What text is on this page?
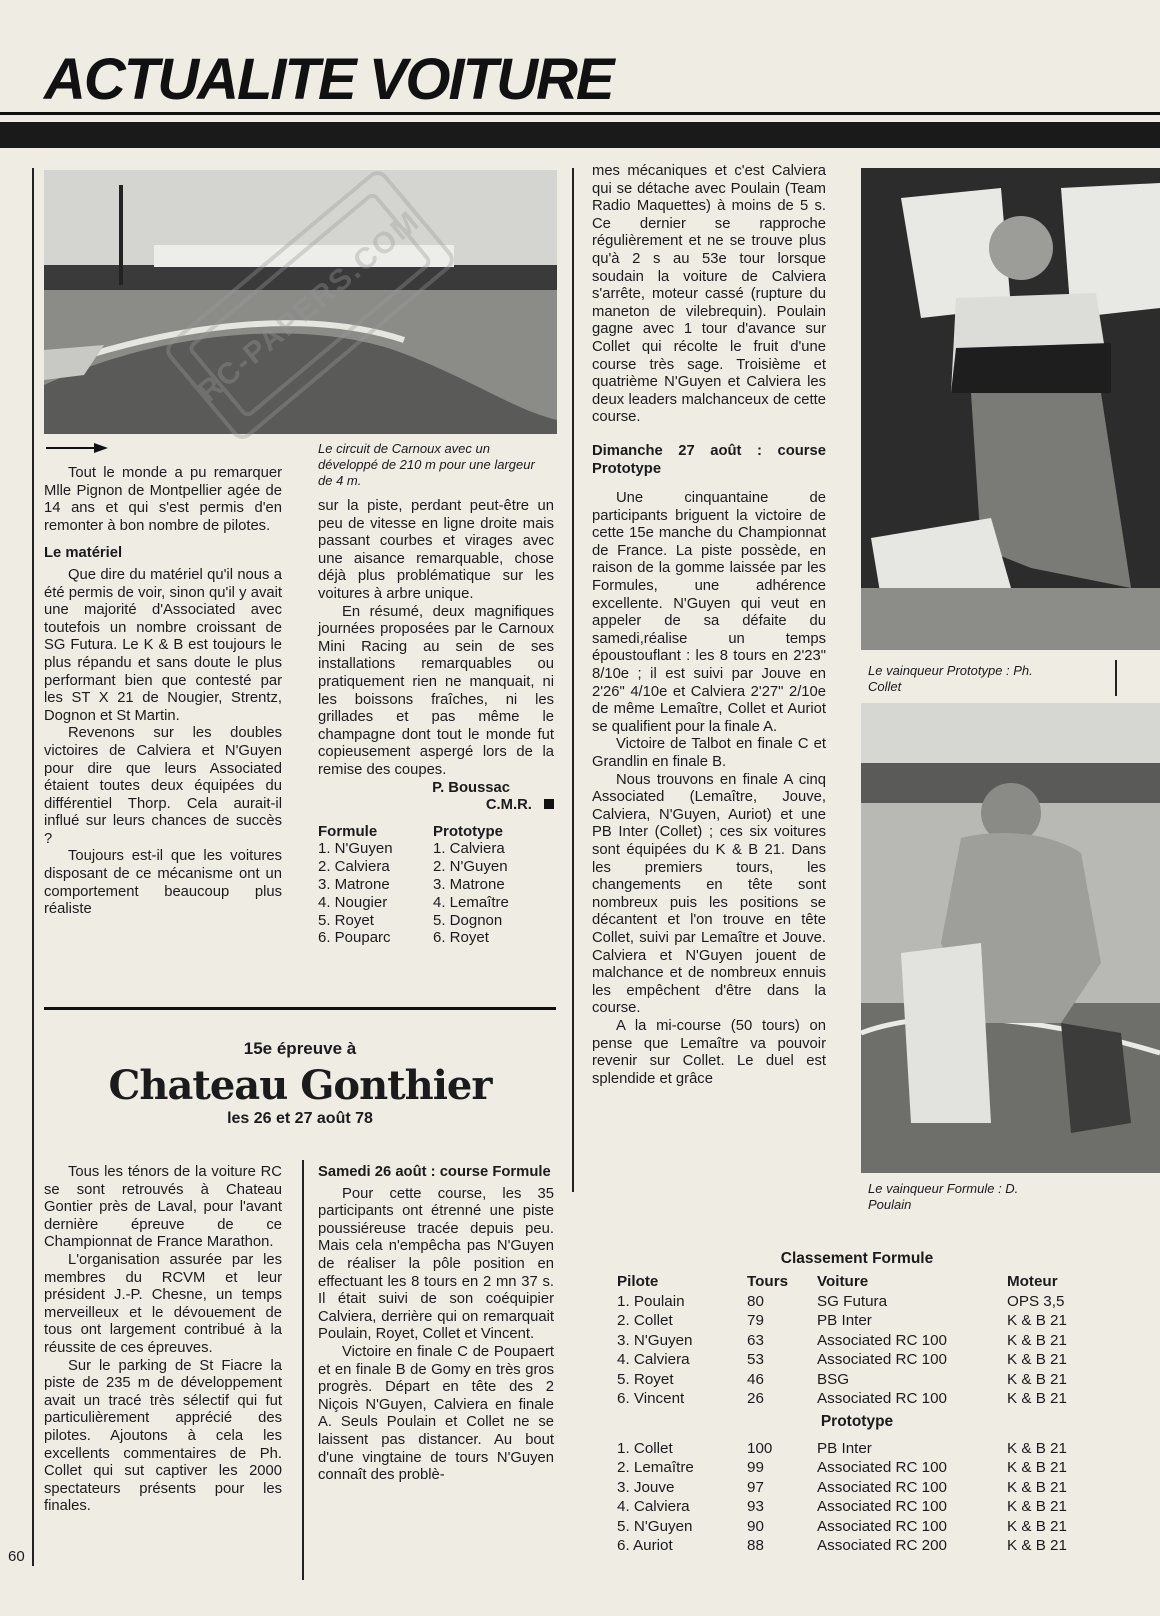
ACTUALITE VOITURE
Le circuit de Carnoux avec un développé de 210 m pour une largeur de 4 m.
RC-PAPERS.COM

Tout le monde a pu remarquer Mlle Pignon de Montpellier agée de 14 ans et qui s'est permis d'en remonter à bon nombre de pilotes.

Le matériel

Que dire du matériel qu'il nous a été permis de voir, sinon qu'il y avait une majorité d'Associated avec toutefois un nombre croissant de SG Futura. Le K & B est toujours le plus répandu et sans doute le plus performant bien que contesté par les ST X 21 de Nougier, Strentz, Dognon et St Martin.

Revenons sur les doubles victoires de Calviera et N'Guyen pour dire que leurs Associated étaient toutes deux équipées du différentiel Thorp. Cela aurait-il influé sur leurs chances de succès ?

Toujours est-il que les voitures disposant de ce mécanisme ont un comportement beaucoup plus réaliste

sur la piste, perdant peut-être un peu de vitesse en ligne droite mais passant courbes et virages avec une aisance remarquable, chose déjà plus problématique sur les voitures à arbre unique.

En résumé, deux magnifiques journées proposées par le Carnoux Mini Racing au sein de ses installations remarquables ou pratiquement rien ne manquait, ni les boissons fraîches, ni les grillades et pas même le champagne dont tout le monde fut copieusement aspergé lors de la remise des coupes.

P. Boussac
C.M.R.
Formule	Prototype
1. N'Guyen	1. Calviera
2. Calviera	2. N'Guyen
3. Matrone	3. Matrone
4. Nougier	4. Lemaître
5. Royet	5. Dognon
6. Pouparc	6. Royet
15e épreuve à
Chateau Gonthier
les 26 et 27 août 78

Tous les ténors de la voiture RC se sont retrouvés à Chateau Gontier près de Laval, pour l'avant dernière épreuve de ce Championnat de France Marathon.

L'organisation assurée par les membres du RCVM et leur président J.-P. Chesne, un temps merveilleux et le dévouement de tous ont largement contribué à la réussite de ces épreuves.

Sur le parking de St Fiacre la piste de 235 m de développement avait un tracé très sélectif qui fut particulièrement apprécié des pilotes. Ajoutons à cela les excellents commentaires de Ph. Collet qui sut captiver les 2000 spectateurs présents pour les finales.

Samedi 26 août : course Formule

Pour cette course, les 35 participants ont étrenné une piste poussiéreuse tracée depuis peu. Mais cela n'empêcha pas N'Guyen de réaliser la pôle position en effectuant les 8 tours en 2 mn 37 s. Il était suivi de son coéquipier Calviera, derrière qui on remarquait Poulain, Royet, Collet et Vincent.

Victoire en finale C de Poupaert et en finale B de Gomy en très gros progrès. Départ en tête des 2 Niçois N'Guyen, Calviera en finale A. Seuls Poulain et Collet ne se laissent pas distancer. Au bout d'une vingtaine de tours N'Guyen connaît des problè-

mes mécaniques et c'est Calviera qui se détache avec Poulain (Team Radio Maquettes) à moins de 5 s. Ce dernier se rapproche régulièrement et ne se trouve plus qu'à 2 s au 53e tour lorsque soudain la voiture de Calviera s'arrête, moteur cassé (rupture du maneton de vilebrequin). Poulain gagne avec 1 tour d'avance sur Collet qui récolte le fruit d'une course très sage. Troisième et quatrième N'Guyen et Calviera les deux leaders malchanceux de cette course.

Dimanche 27 août : course Prototype

Une cinquantaine de participants briguent la victoire de cette 15e manche du Championnat de France. La piste possède, en raison de la gomme laissée par les Formules, une adhérence excellente. N'Guyen qui veut en appeler de sa défaite du samedi,réalise un temps époustouflant : les 8 tours en 2'23" 8/10e ; il est suivi par Jouve en 2'26" 4/10e et Calviera 2'27" 2/10e de même Lemaître, Collet et Auriot se qualifient pour la finale A.

Victoire de Talbot en finale C et Grandlin en finale B.

Nous trouvons en finale A cinq Associated (Lemaître, Jouve, Calviera, N'Guyen, Auriot) et une PB Inter (Collet) ; ces six voitures sont équipées du K & B 21. Dans les premiers tours, les changements en tête sont nombreux puis les positions se décantent et l'on trouve en tête Collet, suivi par Lemaître et Jouve. Calviera et N'Guyen jouent de malchance et de nombreux ennuis les empêchent d'être dans la course.

A la mi-course (50 tours) on pense que Lemaître va pouvoir revenir sur Collet. Le duel est splendide et grâce

Le vainqueur Prototype : Ph. Collet
Le vainqueur Formule : D. Poulain
Classement Formule
Pilote	Tours	Voiture	Moteur
1. Poulain	80	SG Futura	OPS 3,5
2. Collet	79	PB Inter	K & B 21
3. N'Guyen	63	Associated RC 100	K & B 21
4. Calviera	53	Associated RC 100	K & B 21
5. Royet	46	BSG	K & B 21
6. Vincent	26	Associated RC 100	K & B 21
Prototype
1. Collet	100	PB Inter	K & B 21
2. Lemaître	99	Associated RC 100	K & B 21
3. Jouve	97	Associated RC 100	K & B 21
4. Calviera	93	Associated RC 100	K & B 21
5. N'Guyen	90	Associated RC 100	K & B 21
6. Auriot	88	Associated RC 200	K & B 21
60
